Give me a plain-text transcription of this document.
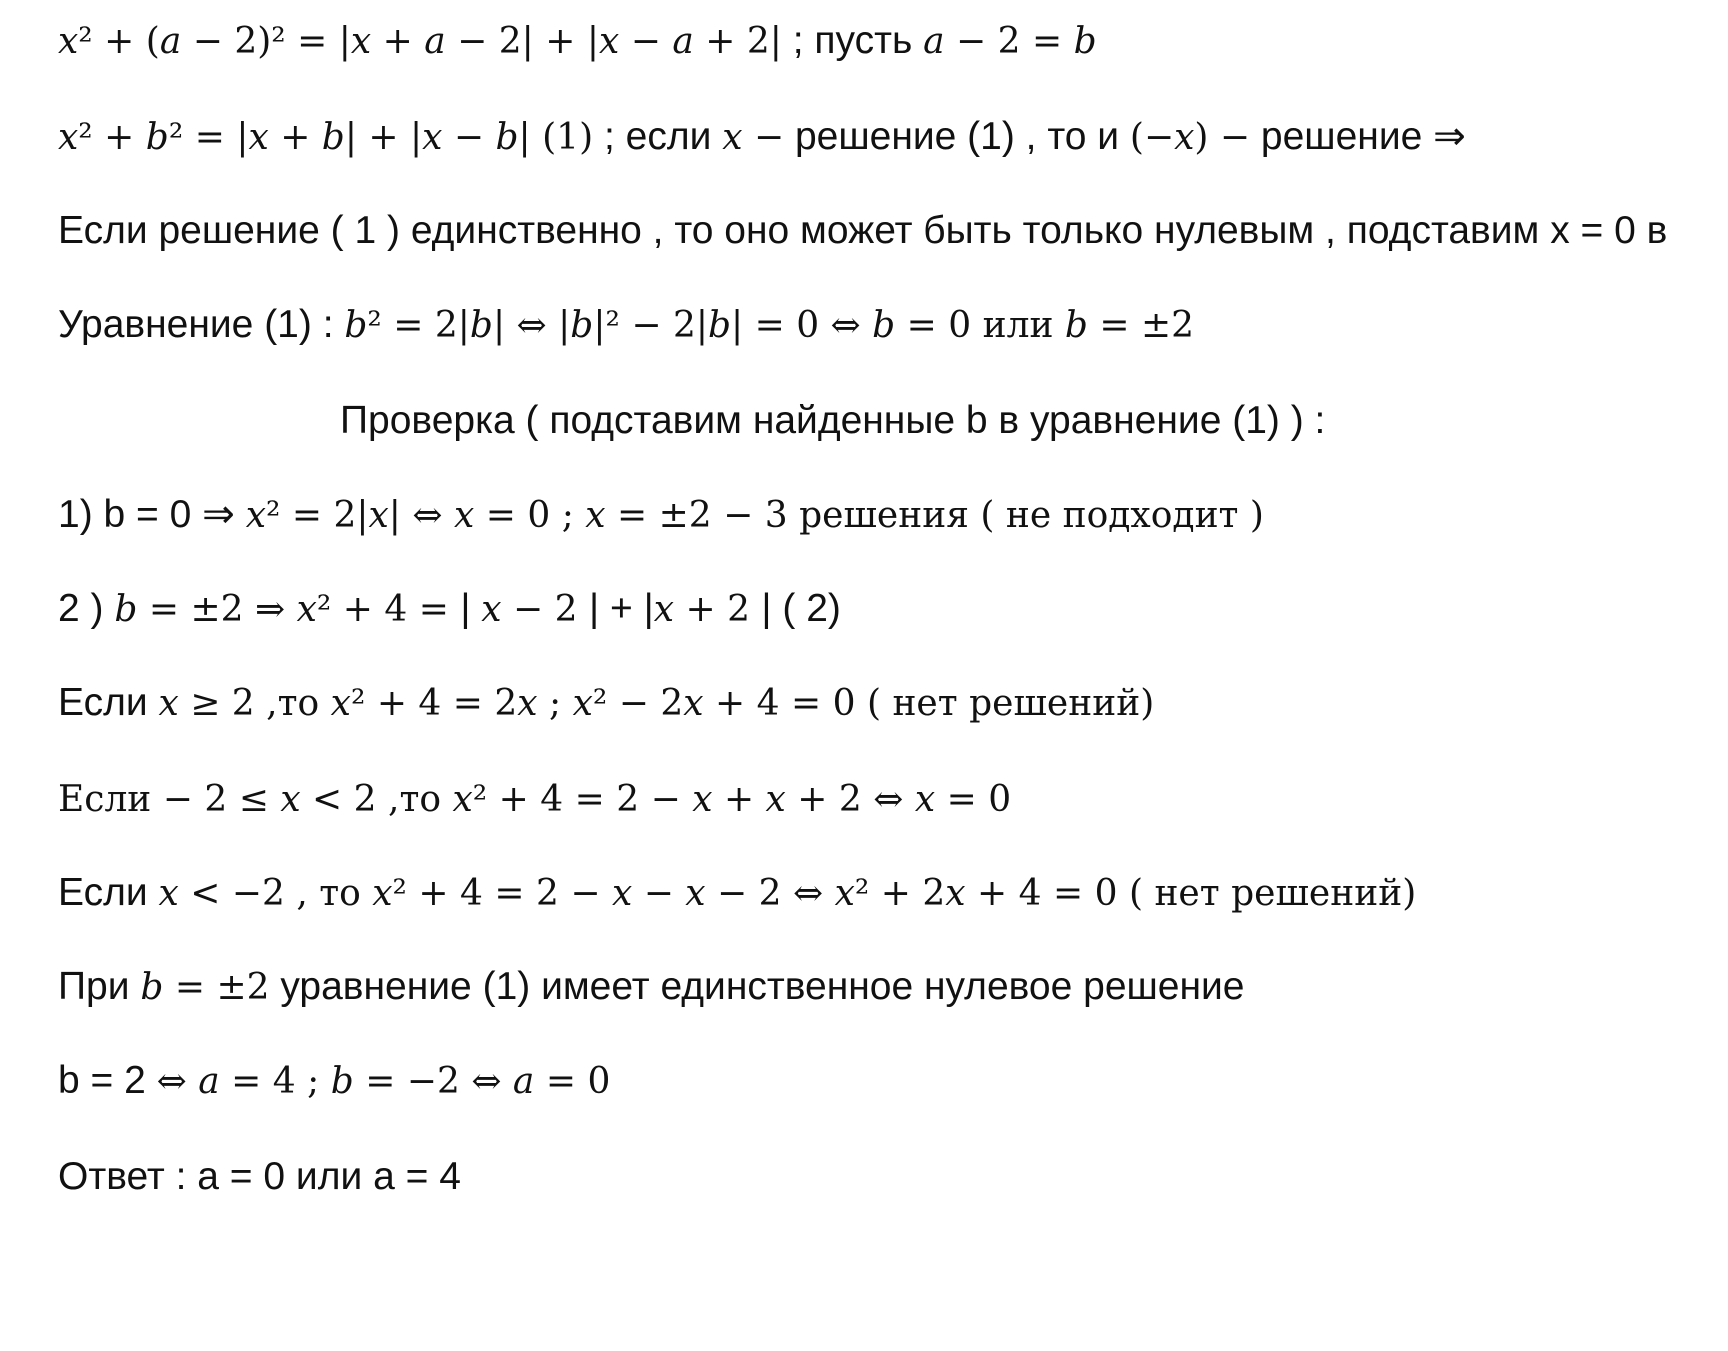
𝑥² + (𝑎 − 2)² = |𝑥 + 𝑎 − 2| + |𝑥 − 𝑎 + 2| ; пусть 𝑎 − 2 = 𝑏
𝑥² + 𝑏² = |𝑥 + 𝑏| + |𝑥 − 𝑏| (1) ; если 𝑥 − решение (1) , то и (−𝑥) − решение ⇒
Если решение ( 1 ) единственно , то оно может быть только нулевым , подставим x = 0 в
Уравнение (1) : 𝑏² = 2|𝑏| ⇔ |𝑏|² − 2|𝑏| = 0 ⇔ 𝑏 = 0 или 𝑏 = ±2
Проверка ( подставим найденные b в уравнение (1) ) :
1) b = 0 ⇒ 𝑥² = 2|𝑥| ⇔ 𝑥 = 0 ; 𝑥 = ±2 − 3 решения ( не подходит )
2 ) 𝑏 = ±2 ⇒ 𝑥² + 4 = | 𝑥 − 2 | + |𝑥 + 2 | ( 2)
Если 𝑥 ≥ 2 ,то 𝑥² + 4 = 2𝑥 ; 𝑥² − 2𝑥 + 4 = 0 ( нет решений)
Если − 2 ≤ 𝑥 < 2 ,то 𝑥² + 4 = 2 − 𝑥 + 𝑥 + 2 ⇔ 𝑥 = 0
Если 𝑥 < −2 , то 𝑥² + 4 = 2 − 𝑥 − 𝑥 − 2 ⇔ 𝑥² + 2𝑥 + 4 = 0 ( нет решений)
При 𝑏 = ±2 уравнение (1) имеет единственное нулевое решение
b = 2 ⇔ 𝑎 = 4 ; 𝑏 = −2 ⇔ 𝑎 = 0
Ответ : a = 0 или a = 4
